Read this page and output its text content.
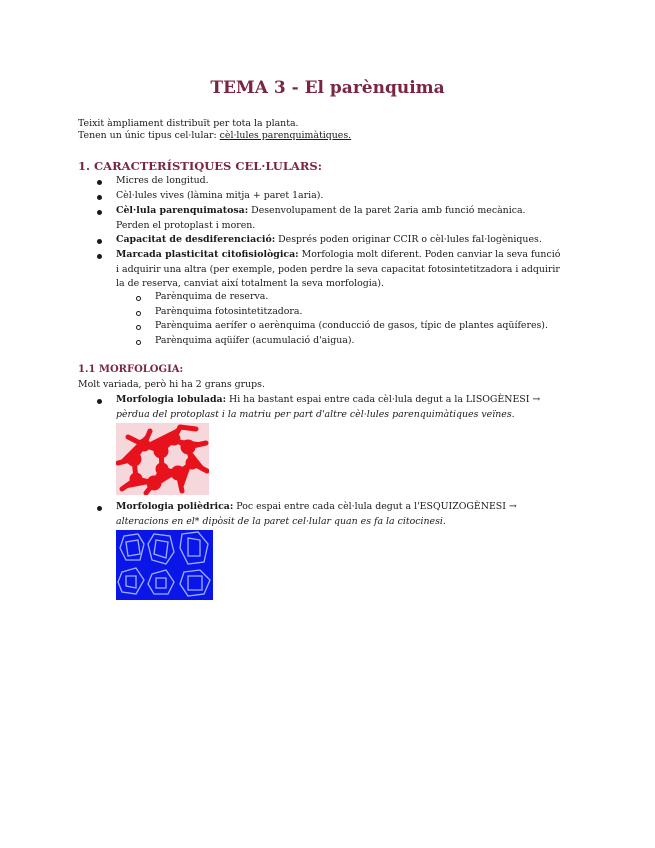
TEMA 3 - El parènquima
Teixit àmpliament distribuït per tota la planta.
Tenen un únic tipus cel·lular: cèl·lules parenquimàtiques.
1. CARACTERÍSTIQUES CEL·LULARS:
Micres de longitud.
Cèl·lules vives (làmina mitja + paret 1aria).
Cèl·lula parenquimatosa: Desenvolupament de la paret 2aria amb funció mecànica. Perden el protoplast i moren.
Capacitat de desdiferenciació: Després poden originar CCIR o cèl·lules fal·logèniques.
Marcada plasticitat citofisiològica: Morfologia molt diferent. Poden canviar la seva funció i adquirir una altra (per exemple, poden perdre la seva capacitat fotosintetitzadora i adquirir la de reserva, canviat així totalment la seva morfologia).
Parènquima de reserva.
Parènquima fotosintetitzadora.
Parènquima aerífer o aerènquima (conducció de gasos, típic de plantes aqüíferes).
Parènquima aqüífer (acumulació d'aigua).
1.1 MORFOLOGIA:
Molt variada, però hi ha 2 grans grups.
Morfologia lobulada: Hi ha bastant espai entre cada cèl·lula degut a la LISOGÈNESI → pèrdua del protoplast i la matriu per part d'altre cèl·lules parenquimàtiques veïnes.
Morfologia polièdrica: Poc espai entre cada cèl·lula degut a l'ESQUIZOGÈNESI → alteracions en el* dipòsit de la paret cel·lular quan es fa la citocinesi.
